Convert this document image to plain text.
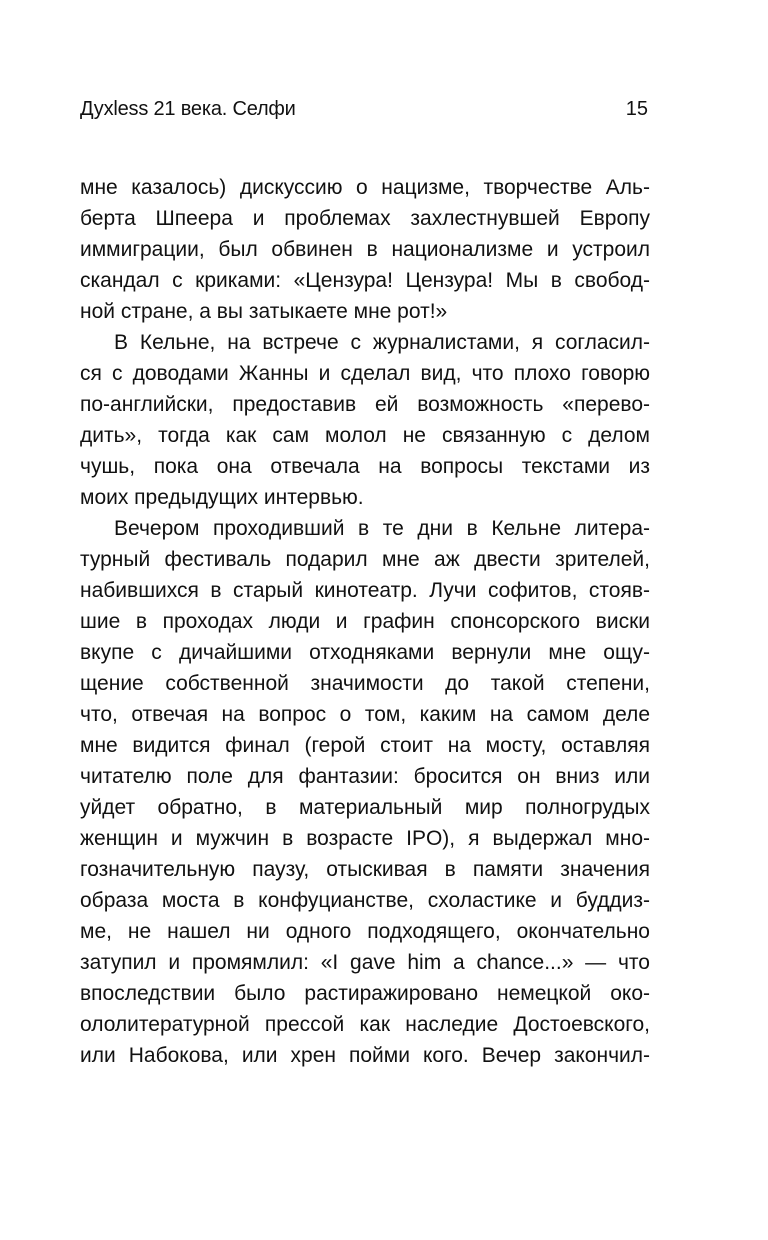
Духless 21 века. Селфи	15
мне казалось) дискуссию о нацизме, творчестве Аль-
берта Шпеера и проблемах захлестнувшей Европу
иммиграции, был обвинен в национализме и устроил
скандал с криками: «Цензура! Цензура! Мы в свобод-
ной стране, а вы затыкаете мне рот!»
В Кельне, на встрече с журналистами, я согласил-
ся с доводами Жанны и сделал вид, что плохо говорю
по-английски, предоставив ей возможность «перево-
дить», тогда как сам молол не связанную с делом
чушь, пока она отвечала на вопросы текстами из
моих предыдущих интервью.
Вечером проходивший в те дни в Кельне литера-
турный фестиваль подарил мне аж двести зрителей,
набившихся в старый кинотеатр. Лучи софитов, стояв-
шие в проходах люди и графин спонсорского виски
вкупе с дичайшими отходняками вернули мне ощу-
щение собственной значимости до такой степени,
что, отвечая на вопрос о том, каким на самом деле
мне видится финал (герой стоит на мосту, оставляя
читателю поле для фантазии: бросится он вниз или
уйдет обратно, в материальный мир полногрудых
женщин и мужчин в возрасте IPO), я выдержал мно-
гозначительную паузу, отыскивая в памяти значения
образа моста в конфуцианстве, схоластике и буддиз-
ме, не нашел ни одного подходящего, окончательно
затупил и промямлил: «I gave him a chance...» — что
впоследствии было растиражировано немецкой око-
ололитературной прессой как наследие Достоевского,
или Набокова, или хрен пойми кого. Вечер закончил-
